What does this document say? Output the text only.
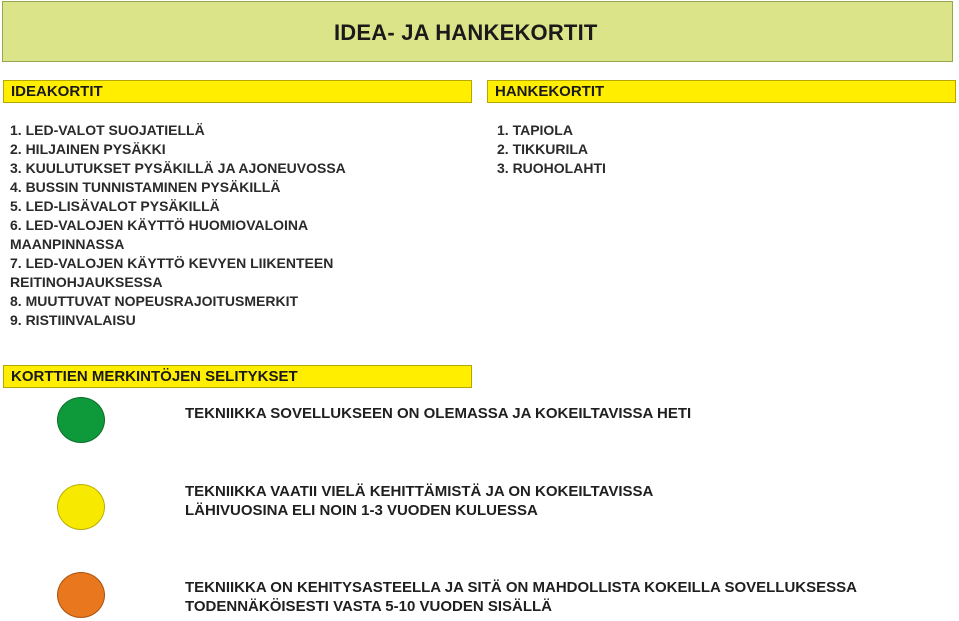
IDEA- JA HANKEKORTIT
IDEAKORTIT
1. LED-VALOT SUOJATIELLÄ
2. HILJAINEN PYSÄKKI
3. KUULUTUKSET PYSÄKILLÄ JA AJONEUVOSSA
4. BUSSIN TUNNISTAMINEN PYSÄKILLÄ
5. LED-LISÄVALOT PYSÄKILLÄ
6. LED-VALOJEN KÄYTTÖ HUOMIOVALOINA
MAANPINNASSA
7. LED-VALOJEN KÄYTTÖ KEVYEN LIIKENTEEN
REITINOHJAUKSESSA
8. MUUTTUVAT NOPEUSRAJOITUSMERKIT
9. RISTIINVALAISU
HANKEKORTIT
1. TAPIOLA
2. TIKKURILA
3. RUOHOLAHTI
KORTTIEN MERKINTÖJEN SELITYKSET
TEKNIIKKA SOVELLUKSEEN ON OLEMASSA JA KOKEILTAVISSA HETI
TEKNIIKKA VAATII VIELÄ KEHITTÄMISTÄ JA ON KOKEILTAVISSA
LÄHIVUOSINA ELI NOIN 1-3 VUODEN KULUESSA
TEKNIIKKA ON KEHITYSASTEELLA JA SITÄ ON MAHDOLLISTA KOKEILLA SOVELLUKSESSA
TODENNÄKÖISESTI VASTA 5-10 VUODEN SISÄLLÄ
